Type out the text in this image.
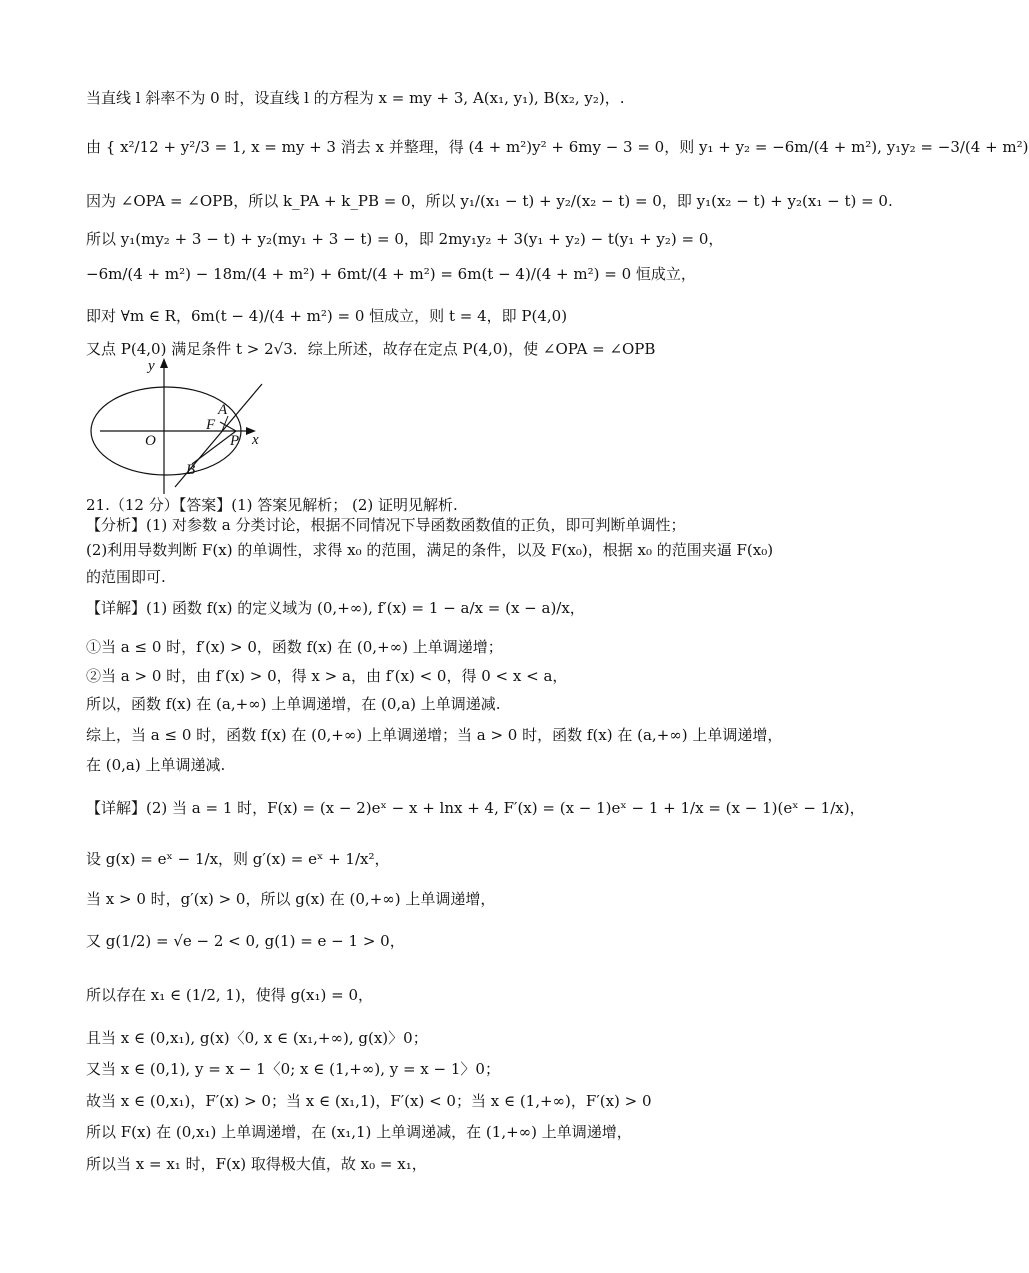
当直线 l 斜率不为 0 时，设直线 l 的方程为 x = my + 3, A(x₁, y₁), B(x₂, y₂)，.
由 { x²/12 + y²/3 = 1, x = my + 3 消去 x 并整理，得 (4 + m²)y² + 6my − 3 = 0，则 y₁ + y₂ = −6m/(4 + m²), y₁y₂ = −3/(4 + m²)
因为 ∠OPA = ∠OPB，所以 k_PA + k_PB = 0，所以 y₁/(x₁ − t) + y₂/(x₂ − t) = 0，即 y₁(x₂ − t) + y₂(x₁ − t) = 0.
所以 y₁(my₂ + 3 − t) + y₂(my₁ + 3 − t) = 0，即 2my₁y₂ + 3(y₁ + y₂) − t(y₁ + y₂) = 0，
−6m/(4 + m²) − 18m/(4 + m²) + 6mt/(4 + m²) = 6m(t − 4)/(4 + m²) = 0 恒成立，
即对 ∀m ∈ R，6m(t − 4)/(4 + m²) = 0 恒成立，则 t = 4，即 P(4,0)
又点 P(4,0) 满足条件 t > 2√3．综上所述，故存在定点 P(4,0)，使 ∠OPA = ∠OPB
y
x
O
F
A
P
B
21.（12 分）【答案】(1) 答案见解析； (2) 证明见解析.
【分析】(1) 对参数 a 分类讨论，根据不同情况下导函数函数值的正负，即可判断单调性；
(2)利用导数判断 F(x) 的单调性，求得 x₀ 的范围，满足的条件，以及 F(x₀)，根据 x₀ 的范围夹逼 F(x₀)
的范围即可.
【详解】(1) 函数 f(x) 的定义域为 (0,+∞), f′(x) = 1 − a/x = (x − a)/x，
①当 a ≤ 0 时，f′(x) > 0，函数 f(x) 在 (0,+∞) 上单调递增；
②当 a > 0 时，由 f′(x) > 0，得 x > a，由 f′(x) < 0，得 0 < x < a，
所以，函数 f(x) 在 (a,+∞) 上单调递增，在 (0,a) 上单调递减.
综上，当 a ≤ 0 时，函数 f(x) 在 (0,+∞) 上单调递增；当 a > 0 时，函数 f(x) 在 (a,+∞) 上单调递增，
在 (0,a) 上单调递减.
【详解】(2) 当 a = 1 时，F(x) = (x − 2)eˣ − x + lnx + 4, F′(x) = (x − 1)eˣ − 1 + 1/x = (x − 1)(eˣ − 1/x)，
设 g(x) = eˣ − 1/x，则 g′(x) = eˣ + 1/x²，
当 x > 0 时，g′(x) > 0，所以 g(x) 在 (0,+∞) 上单调递增，
又 g(1/2) = √e − 2 < 0, g(1) = e − 1 > 0，
所以存在 x₁ ∈ (1/2, 1)，使得 g(x₁) = 0，
且当 x ∈ (0,x₁), g(x)〈0, x ∈ (x₁,+∞), g(x)〉0；
又当 x ∈ (0,1), y = x − 1〈0; x ∈ (1,+∞), y = x − 1〉0；
故当 x ∈ (0,x₁)，F′(x) > 0；当 x ∈ (x₁,1)，F′(x) < 0；当 x ∈ (1,+∞)，F′(x) > 0
所以 F(x) 在 (0,x₁) 上单调递增，在 (x₁,1) 上单调递减，在 (1,+∞) 上单调递增，
所以当 x = x₁ 时，F(x) 取得极大值，故 x₀ = x₁，
